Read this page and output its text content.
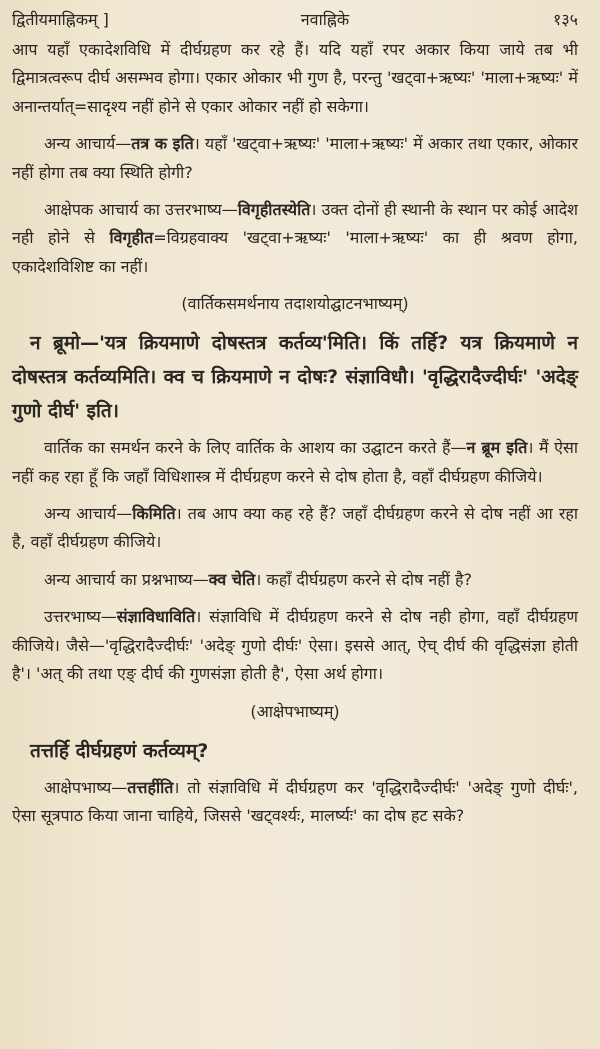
द्वितीयमाह्निकम् ]	नवाह्निके	१३५

आप यहाँ एकादेशविधि में दीर्घग्रहण कर रहे हैं। यदि यहाँ रपर अकार किया जाये तब भी द्विमात्रत्वरूप दीर्घ असम्भव होगा। एकार ओकार भी गुण है, परन्तु 'खट्वा+ऋष्यः' 'माला+ऋष्यः' में अनान्तर्यात्=सादृश्य नहीं होने से एकार ओकार नहीं हो सकेगा।

अन्य आचार्य—तत्र क इति। यहाँ 'खट्वा+ऋष्यः' 'माला+ऋष्यः' में अकार तथा एकार, ओकार नहीं होगा तब क्या स्थिति होगी?

आक्षेपक आचार्य का उत्तरभाष्य—विगृहीतस्येति। उक्त दोनों ही स्थानी के स्थान पर कोई आदेश नही होने से विगृहीत=विग्रहवाक्य 'खट्वा+ऋष्यः' 'माला+ऋष्यः' का ही श्रवण होगा, एकादेशविशिष्ट का नहीं।

(वार्तिकसमर्थनाय तदाशयोद्घाटनभाष्यम्)

न ब्रूमो—'यत्र क्रियमाणे दोषस्तत्र कर्तव्य'मिति। किं तर्हि? यत्र क्रियमाणे न दोषस्तत्र कर्तव्यमिति। क्व च क्रियमाणे न दोषः? संज्ञाविधौ। 'वृद्धिरादैज्दीर्घः' 'अदेङ् गुणो दीर्घ' इति।

वार्तिक का समर्थन करने के लिए वार्तिक के आशय का उद्घाटन करते हैं—न ब्रूम इति। मैं ऐसा नहीं कह रहा हूँ कि जहाँ विधिशास्त्र में दीर्घग्रहण करने से दोष होता है, वहाँ दीर्घग्रहण कीजिये।

अन्य आचार्य—किमिति। तब आप क्या कह रहे हैं? जहाँ दीर्घग्रहण करने से दोष नहीं आ रहा है, वहाँ दीर्घग्रहण कीजिये।

अन्य आचार्य का प्रश्नभाष्य—क्व चेति। कहाँ दीर्घग्रहण करने से दोष नहीं है?

उत्तरभाष्य—संज्ञाविधाविति। संज्ञाविधि में दीर्घग्रहण करने से दोष नही होगा, वहाँ दीर्घग्रहण कीजिये। जैसे—'वृद्धिरादैज्दीर्घः' 'अदेङ् गुणो दीर्घः' ऐसा। इससे आत्, ऐच् दीर्घ की वृद्धिसंज्ञा होती है'। 'अत् की तथा एङ् दीर्घ की गुणसंज्ञा होती है', ऐसा अर्थ होगा।

(आक्षेपभाष्यम्)

तत्तर्हि दीर्घग्रहणं कर्तव्यम्?

आक्षेपभाष्य—तत्तर्हीति। तो संज्ञाविधि में दीर्घग्रहण कर 'वृद्धिरादैज्दीर्घः' 'अदेङ् गुणो दीर्घः', ऐसा सूत्रपाठ किया जाना चाहिये, जिससे 'खट्वर्श्यः, मालर्ष्यः' का दोष हट सके?
